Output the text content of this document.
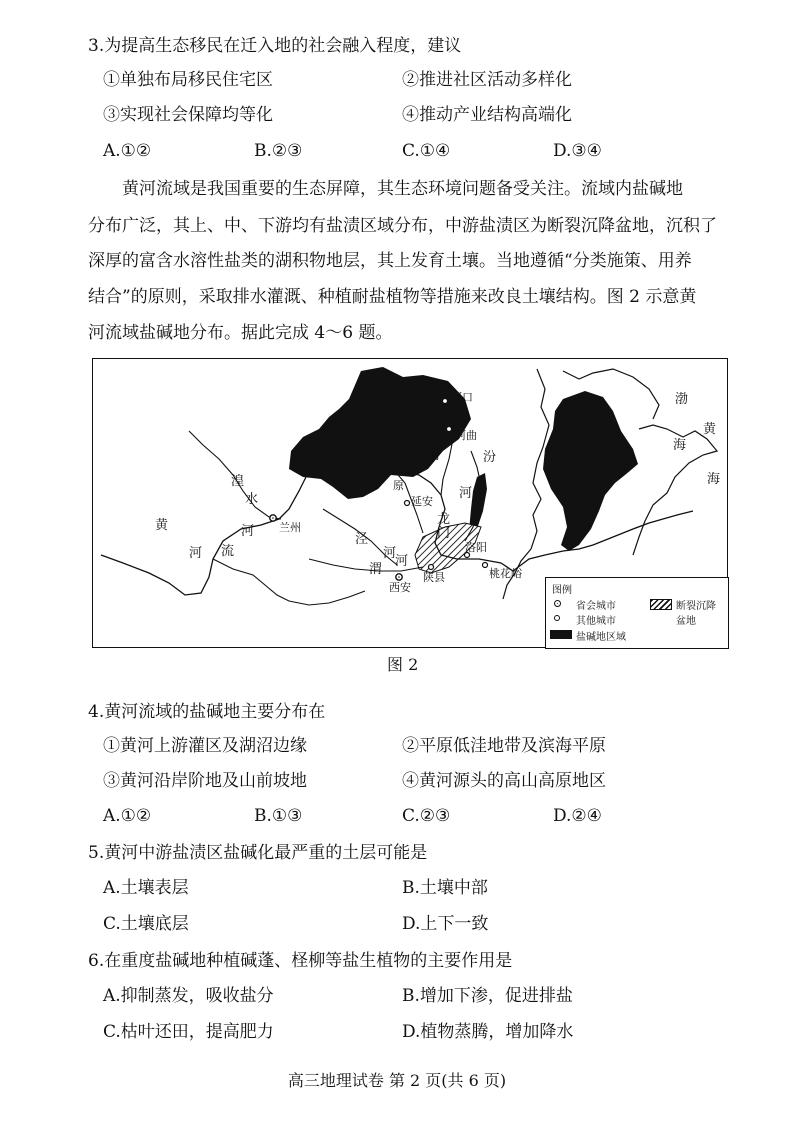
3.为提高生态移民在迁入地的社会融入程度，建议
①单独布局移民住宅区	②推进社区活动多样化
③实现社会保障均等化	④推动产业结构高端化
A.①②	B.②③	C.①④	D.③④
　　黄河流域是我国重要的生态屏障，其生态环境问题备受关注。流域内盐碱地
分布广泛，其上、中、下游均有盐渍区域分布，中游盐渍区为断裂沉降盆地，沉积了
深厚的富含水溶性盐类的湖积物地层，其上发育土壤。当地遵循“分类施策、用养
结合”的原则，采取排水灌溉、种植耐盐植物等措施来改良土壤结构。图 2 示意黄
河流域盐碱地分布。据此完成 4～6 题。
河口
河曲
河	汾
河
宁
渤
海
黄
海
黄
河 流
河
湟
水
兰州
泾
河
渭
河
西安
原
延安
龙
门
洛阳
陕县	桃花峪
图例
省会城市
其他城市
盐碱地区域
断裂沉降
盆地
图 2
4.黄河流域的盐碱地主要分布在
①黄河上游灌区及湖沼边缘	②平原低洼地带及滨海平原
③黄河沿岸阶地及山前坡地	④黄河源头的高山高原地区
A.①②	B.①③	C.②③	D.②④
5.黄河中游盐渍区盐碱化最严重的土层可能是
A.土壤表层	B.土壤中部
C.土壤底层	D.上下一致
6.在重度盐碱地种植碱蓬、柽柳等盐生植物的主要作用是
A.抑制蒸发，吸收盐分	B.增加下渗，促进排盐
C.枯叶还田，提高肥力	D.植物蒸腾，增加降水
高三地理试卷 第 2 页(共 6 页)
